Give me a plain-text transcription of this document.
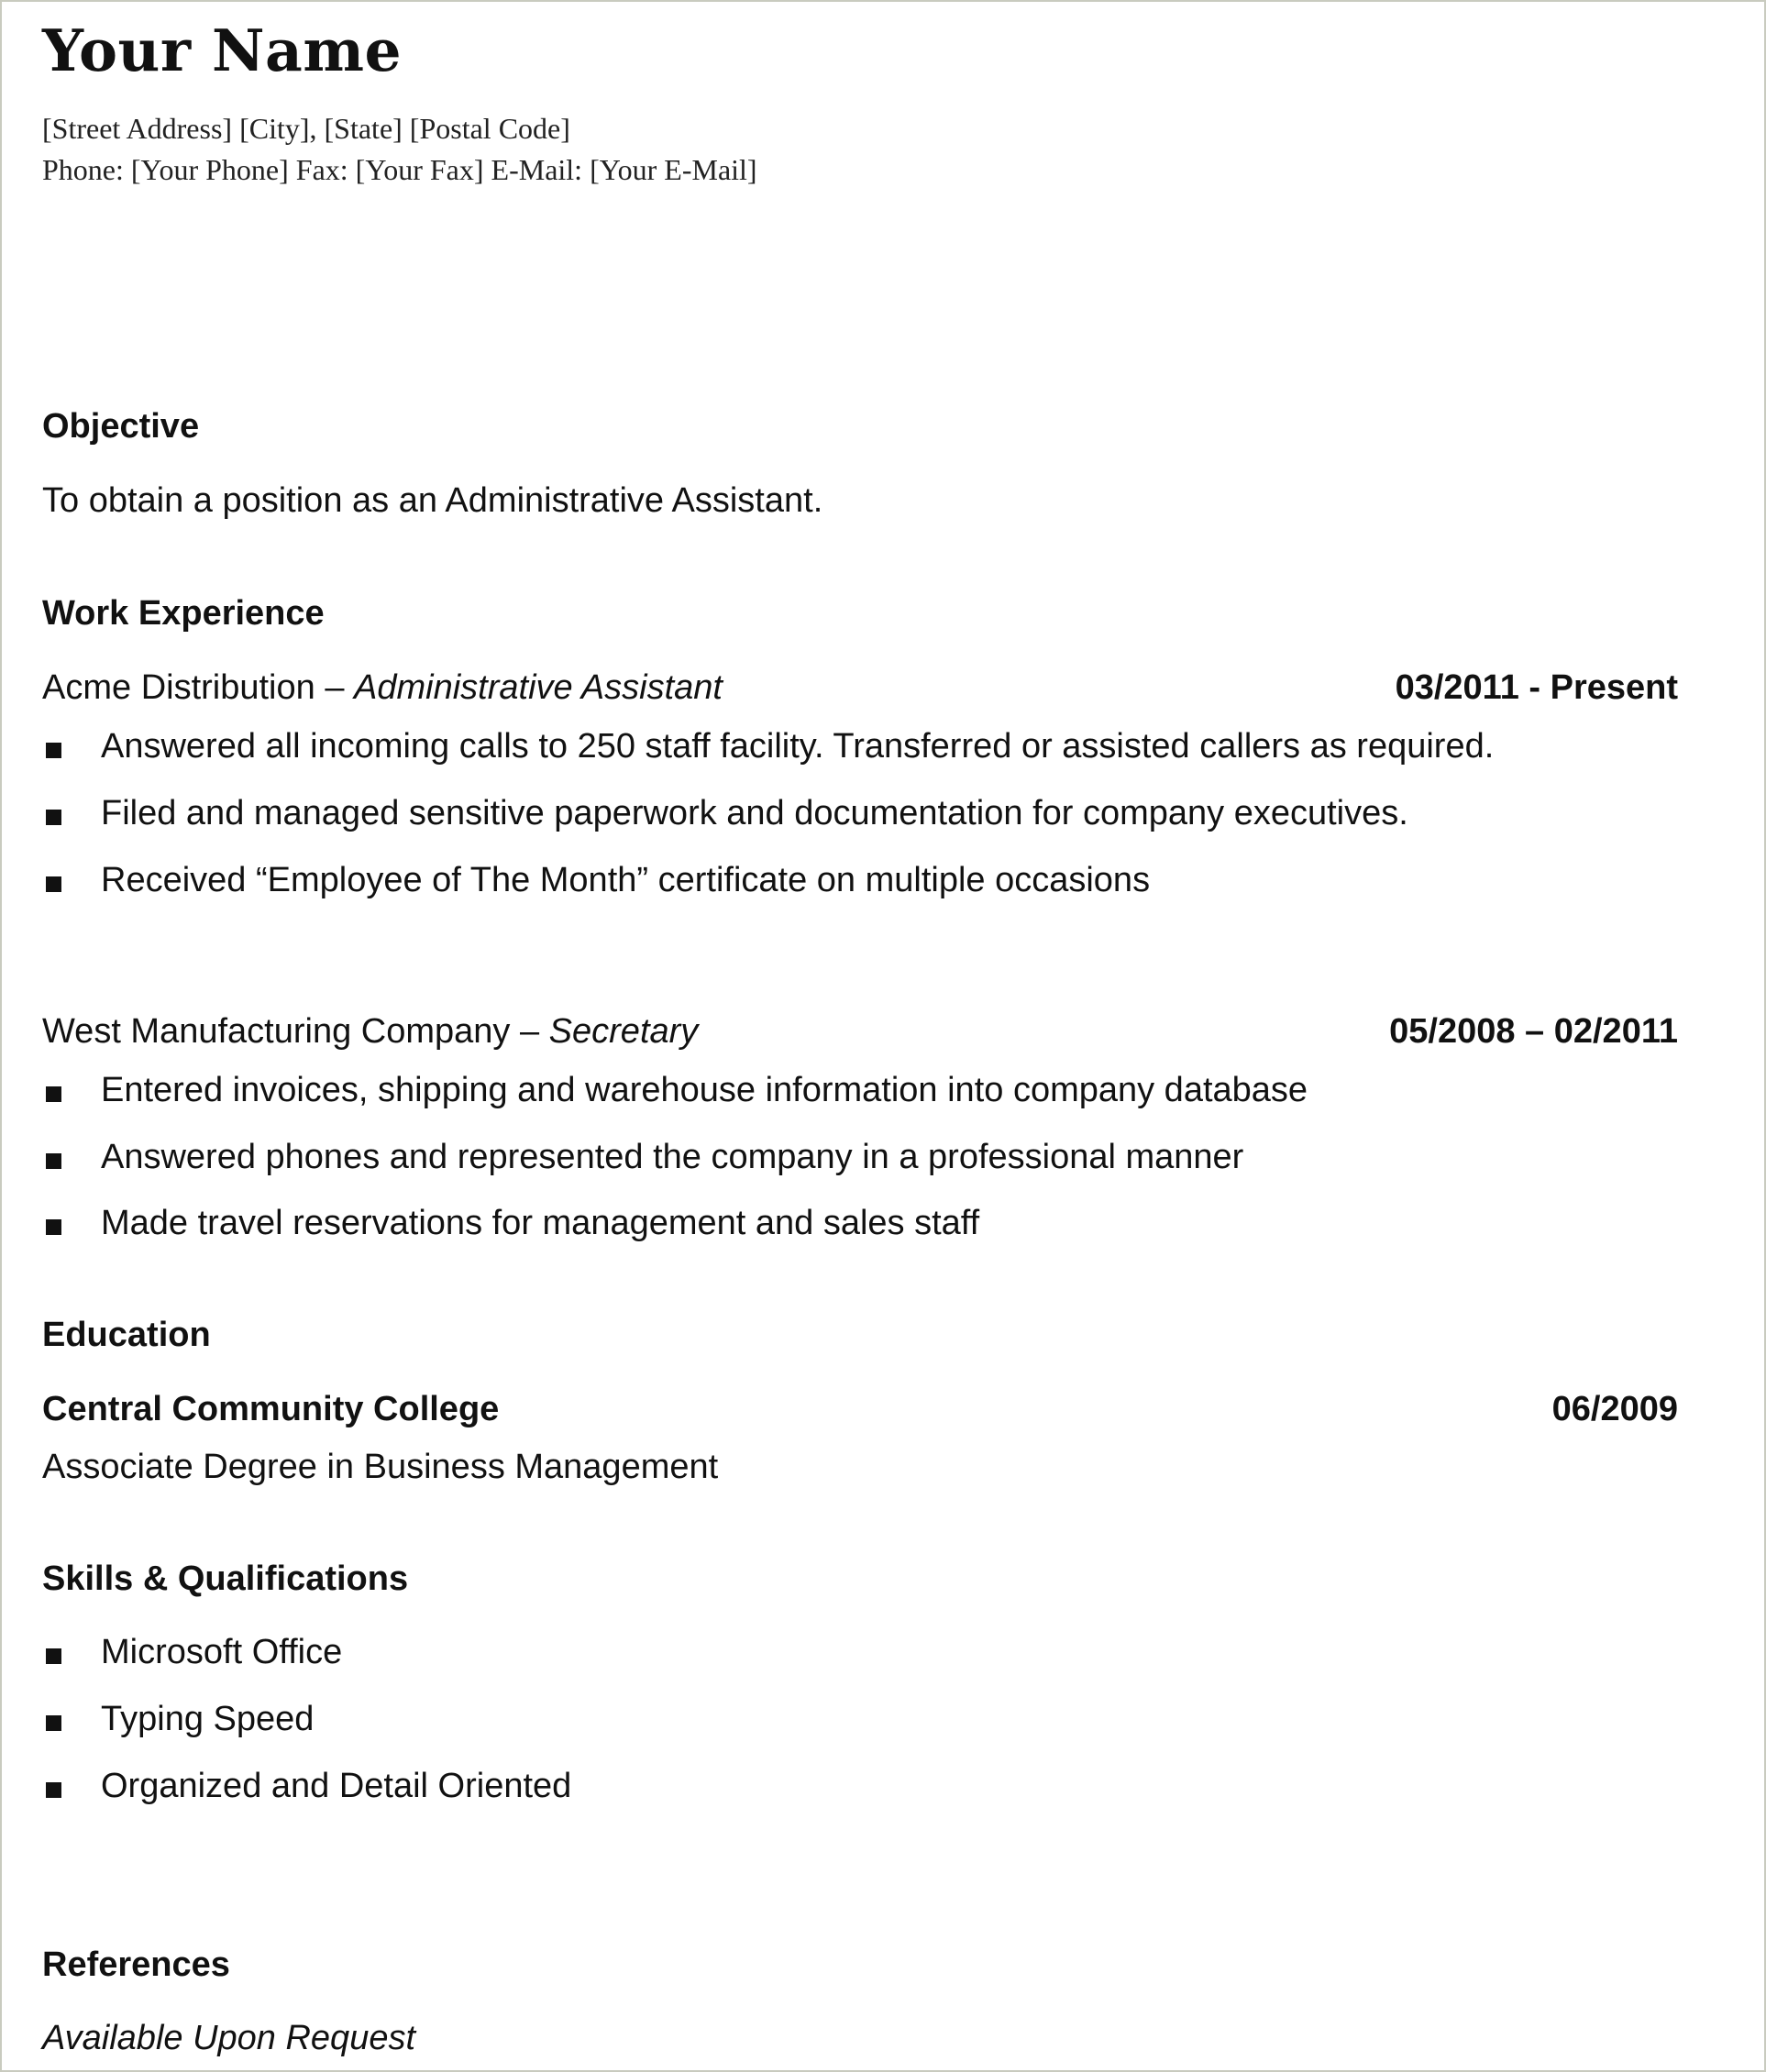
Your Name
[Street Address] [City], [State] [Postal Code]
Phone: [Your Phone] Fax: [Your Fax] E-Mail: [Your E-Mail]
Objective
To obtain a position as an Administrative Assistant.
Work Experience
Acme Distribution – Administrative Assistant	03/2011 - Present
Answered all incoming calls to 250 staff facility. Transferred or assisted callers as required.
Filed and managed sensitive paperwork and documentation for company executives.
Received “Employee of The Month” certificate on multiple occasions
West Manufacturing Company – Secretary	05/2008 – 02/2011
Entered invoices, shipping and warehouse information into company database
Answered phones and represented the company in a professional manner
Made travel reservations for management and sales staff
Education
Central Community College	06/2009
Associate Degree in Business Management
Skills & Qualifications
Microsoft Office
Typing Speed
Organized and Detail Oriented
References
Available Upon Request
